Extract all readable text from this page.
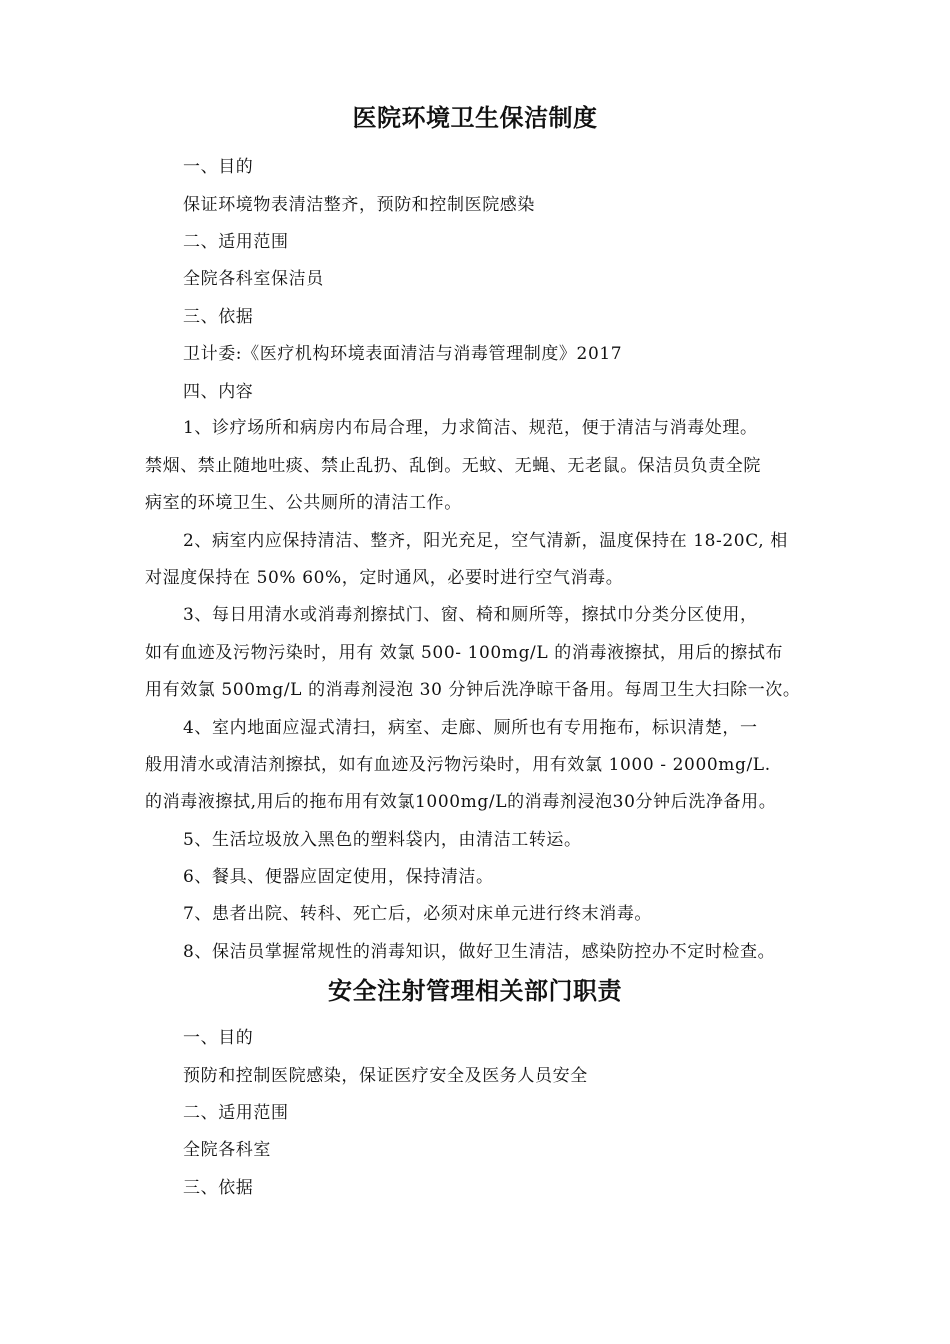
医院环境卫生保洁制度
一、目的
保证环境物表清洁整齐，预防和控制医院感染
二、适用范围
全院各科室保洁员
三、依据
卫计委:《医疗机构环境表面清洁与消毒管理制度》2017
四、内容
1、诊疗场所和病房内布局合理，力求简洁、规范，便于清洁与消毒处理。
禁烟、禁止随地吐痰、禁止乱扔、乱倒。无蚊、无蝇、无老鼠。保洁员负责全院
病室的环境卫生、公共厕所的清洁工作。
2、病室内应保持清洁、整齐，阳光充足，空气清新，温度保持在 18-20C, 相
对湿度保持在 50% 60%，定时通风，必要时进行空气消毒。
3、每日用清水或消毒剂擦拭门、窗、椅和厕所等，擦拭巾分类分区使用，
如有血迹及污物污染时，用有 效氯 500- 100mg/L 的消毒液擦拭，用后的擦拭布
用有效氯 500mg/L 的消毒剂浸泡 30 分钟后洗净晾干备用。每周卫生大扫除一次。
4、室内地面应湿式清扫，病室、走廊、厕所也有专用拖布，标识清楚，一
般用清水或清洁剂擦拭，如有血迹及污物污染时，用有效氯 1000 - 2000mg/L.
的消毒液擦拭,用后的拖布用有效氯1000mg/L的消毒剂浸泡30分钟后洗净备用。
5、生活垃圾放入黑色的塑料袋内，由清洁工转运。
6、餐具、便器应固定使用，保持清洁。
7、患者出院、转科、死亡后，必须对床单元进行终末消毒。
8、保洁员掌握常规性的消毒知识，做好卫生清洁，感染防控办不定时检查。
安全注射管理相关部门职责
一、目的
预防和控制医院感染，保证医疗安全及医务人员安全
二、适用范围
全院各科室
三、依据
